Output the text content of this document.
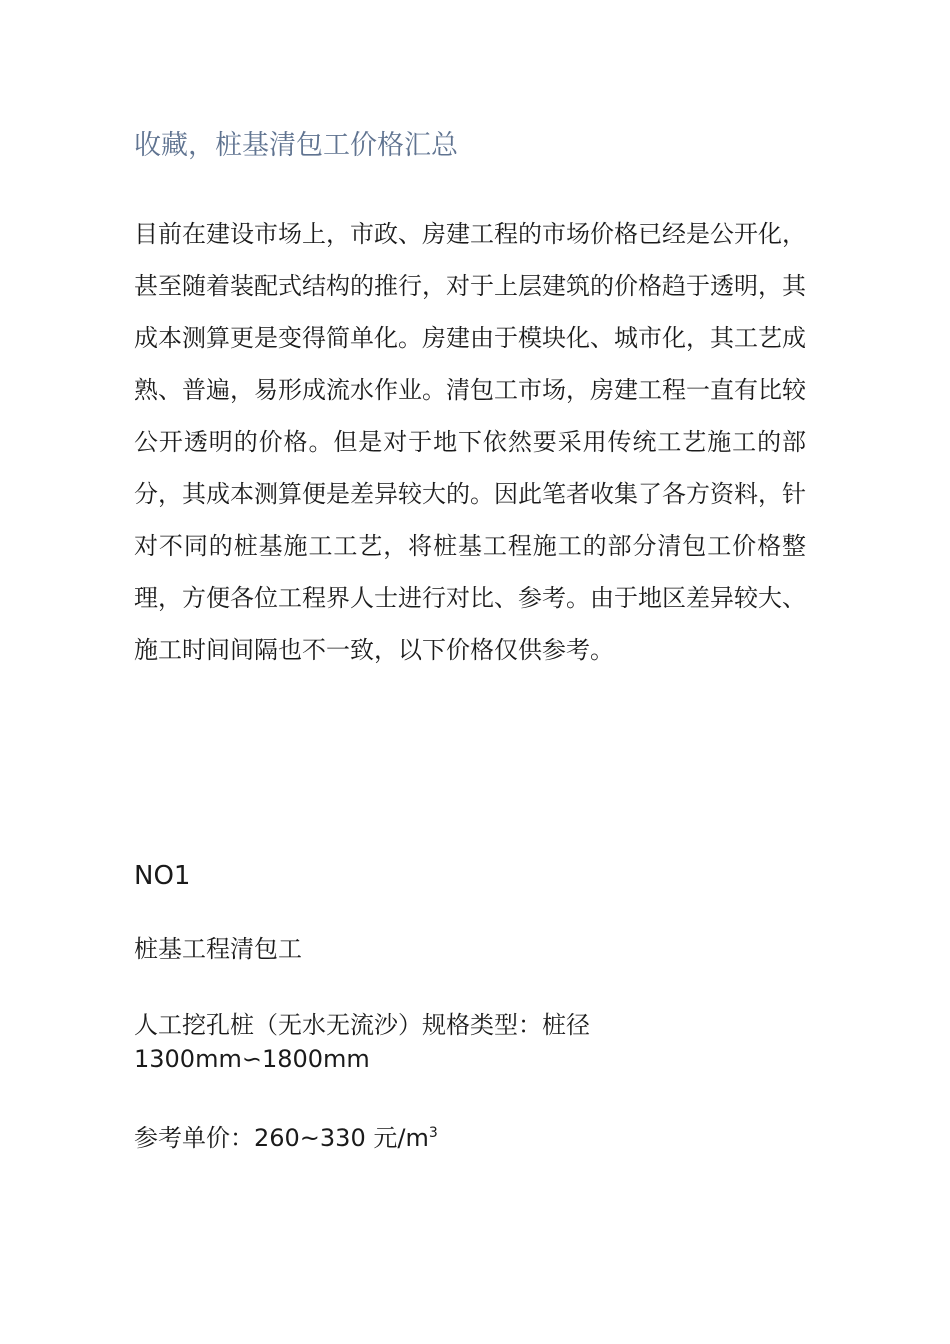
收藏，桩基清包工价格汇总

目前在建设市场上，市政、房建工程的市场价格已经是公开化，甚至随着装配式结构的推行，对于上层建筑的价格趋于透明，其成本测算更是变得简单化。房建由于模块化、城市化，其工艺成熟、普遍，易形成流水作业。清包工市场，房建工程一直有比较公开透明的价格。但是对于地下依然要采用传统工艺施工的部分，其成本测算便是差异较大的。因此笔者收集了各方资料，针对不同的桩基施工工艺，将桩基工程施工的部分清包工价格整理，方便各位工程界人士进行对比、参考。由于地区差异较大、施工时间间隔也不一致，以下价格仅供参考。

NO1

桩基工程清包工

人工挖孔桩（无水无流沙）规格类型：桩径 1300mm∽1800mm

参考单价：260~330 元$/m^3$
